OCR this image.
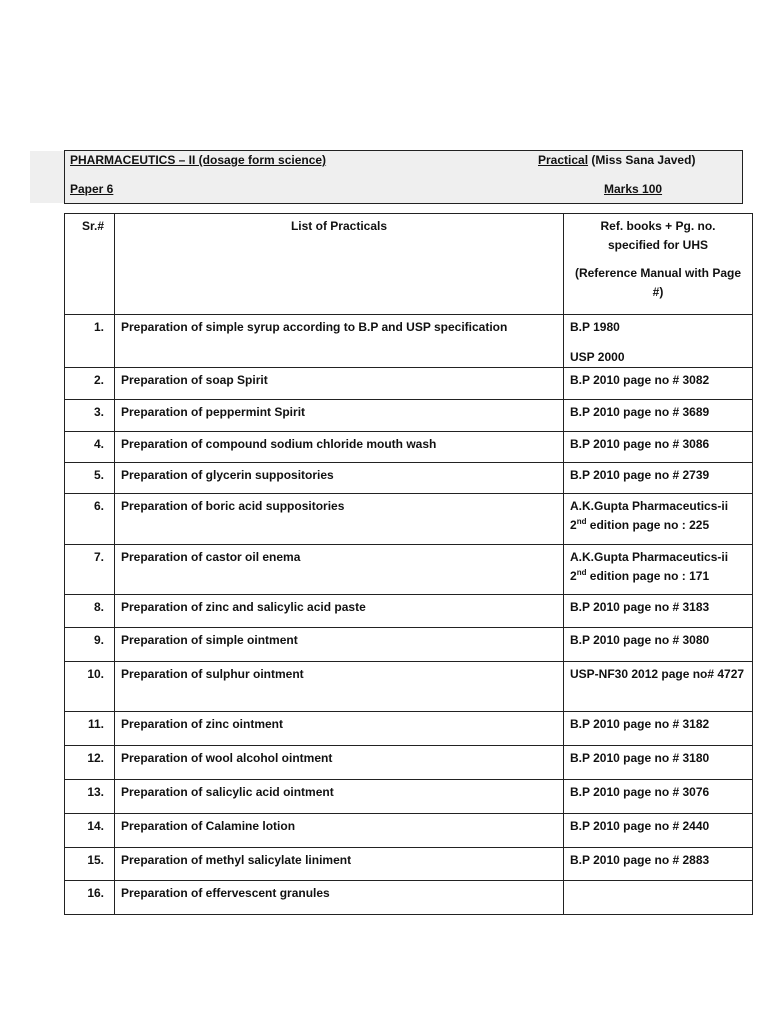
PHARMACEUTICS – II (dosage form science)	Practical (Miss Sana Javed)
Paper 6	Marks 100
Sr.#	List of Practicals	Ref. books + Pg. no.
specified for UHS
(Reference Manual with Page #)

1.	Preparation of simple syrup according to B.P and USP specification	B.P 1980
USP 2000

2.	Preparation of soap Spirit	B.P 2010 page no # 3082
3.	Preparation of peppermint Spirit	B.P 2010 page no # 3689
4.	Preparation of compound sodium chloride mouth wash	B.P 2010 page no # 3086
5.	Preparation of glycerin suppositories	B.P 2010 page no # 2739
6.	Preparation of boric acid suppositories	A.K.Gupta Pharmaceutics-ii
2nd edition page no : 225
7.	Preparation of castor oil enema	A.K.Gupta Pharmaceutics-ii
2nd edition page no : 171
8.	Preparation of zinc and salicylic acid paste	B.P 2010 page no # 3183
9.	Preparation of simple ointment	B.P 2010 page no # 3080
10.	Preparation of sulphur ointment	USP-NF30 2012 page no# 4727
11.	Preparation of zinc ointment	B.P 2010 page no # 3182
12.	Preparation of wool alcohol ointment	B.P 2010 page no # 3180
13.	Preparation of salicylic acid ointment	B.P 2010 page no # 3076
14.	Preparation of Calamine lotion	B.P 2010 page no # 2440
15.	Preparation of methyl salicylate liniment	B.P 2010 page no # 2883
16.	Preparation of effervescent granules	
